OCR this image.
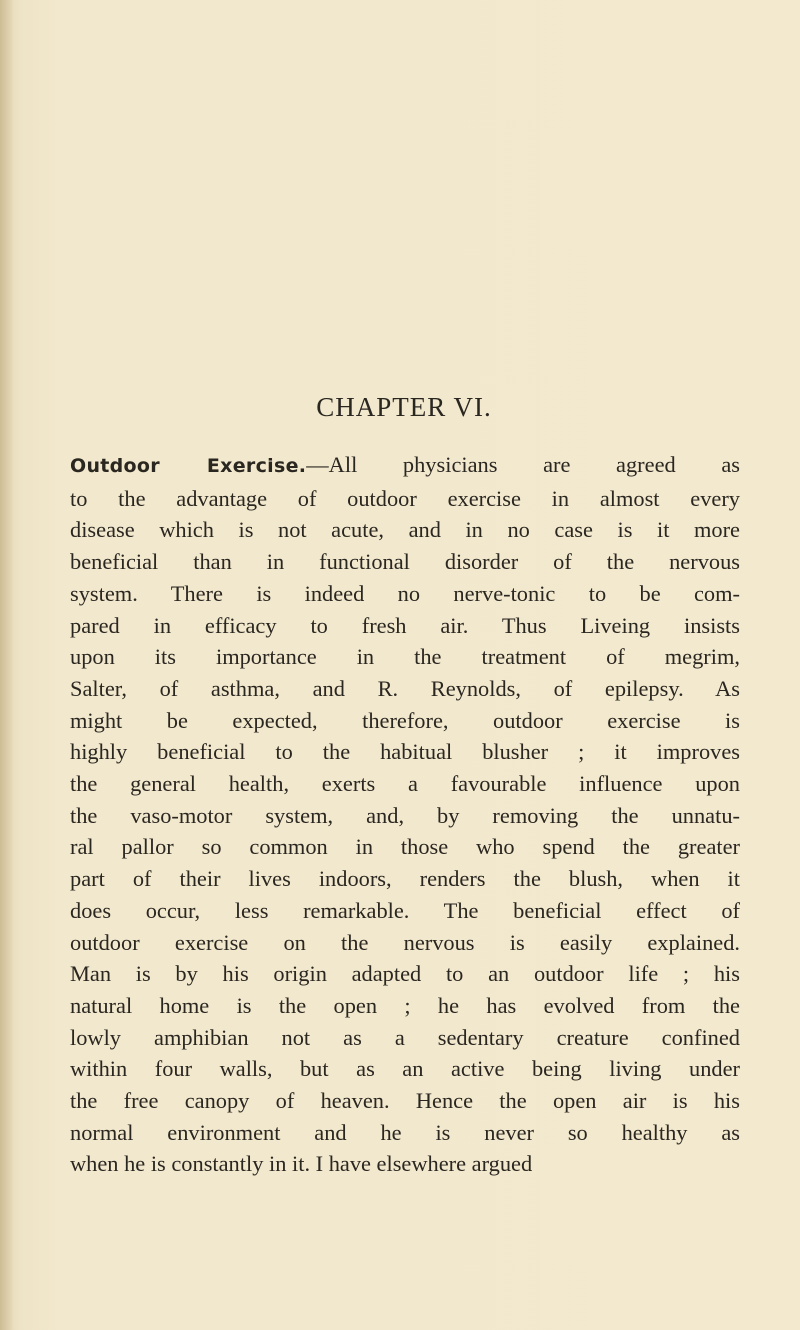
CHAPTER VI.

Outdoor Exercise.—All physicians are agreed as
to the advantage of outdoor exercise in almost every
disease which is not acute, and in no case is it more
beneficial than in functional disorder of the nervous
system. There is indeed no nerve-tonic to be com-
pared in efficacy to fresh air. Thus Liveing insists
upon its importance in the treatment of megrim,
Salter, of asthma, and R. Reynolds, of epilepsy. As
might be expected, therefore, outdoor exercise is
highly beneficial to the habitual blusher ; it improves
the general health, exerts a favourable influence upon
the vaso-motor system, and, by removing the unnatu-
ral pallor so common in those who spend the greater
part of their lives indoors, renders the blush, when it
does occur, less remarkable. The beneficial effect of
outdoor exercise on the nervous is easily explained.
Man is by his origin adapted to an outdoor life ; his
natural home is the open ; he has evolved from the
lowly amphibian not as a sedentary creature confined
within four walls, but as an active being living under
the free canopy of heaven. Hence the open air is his
normal environment and he is never so healthy as
when he is constantly in it. I have elsewhere argued
